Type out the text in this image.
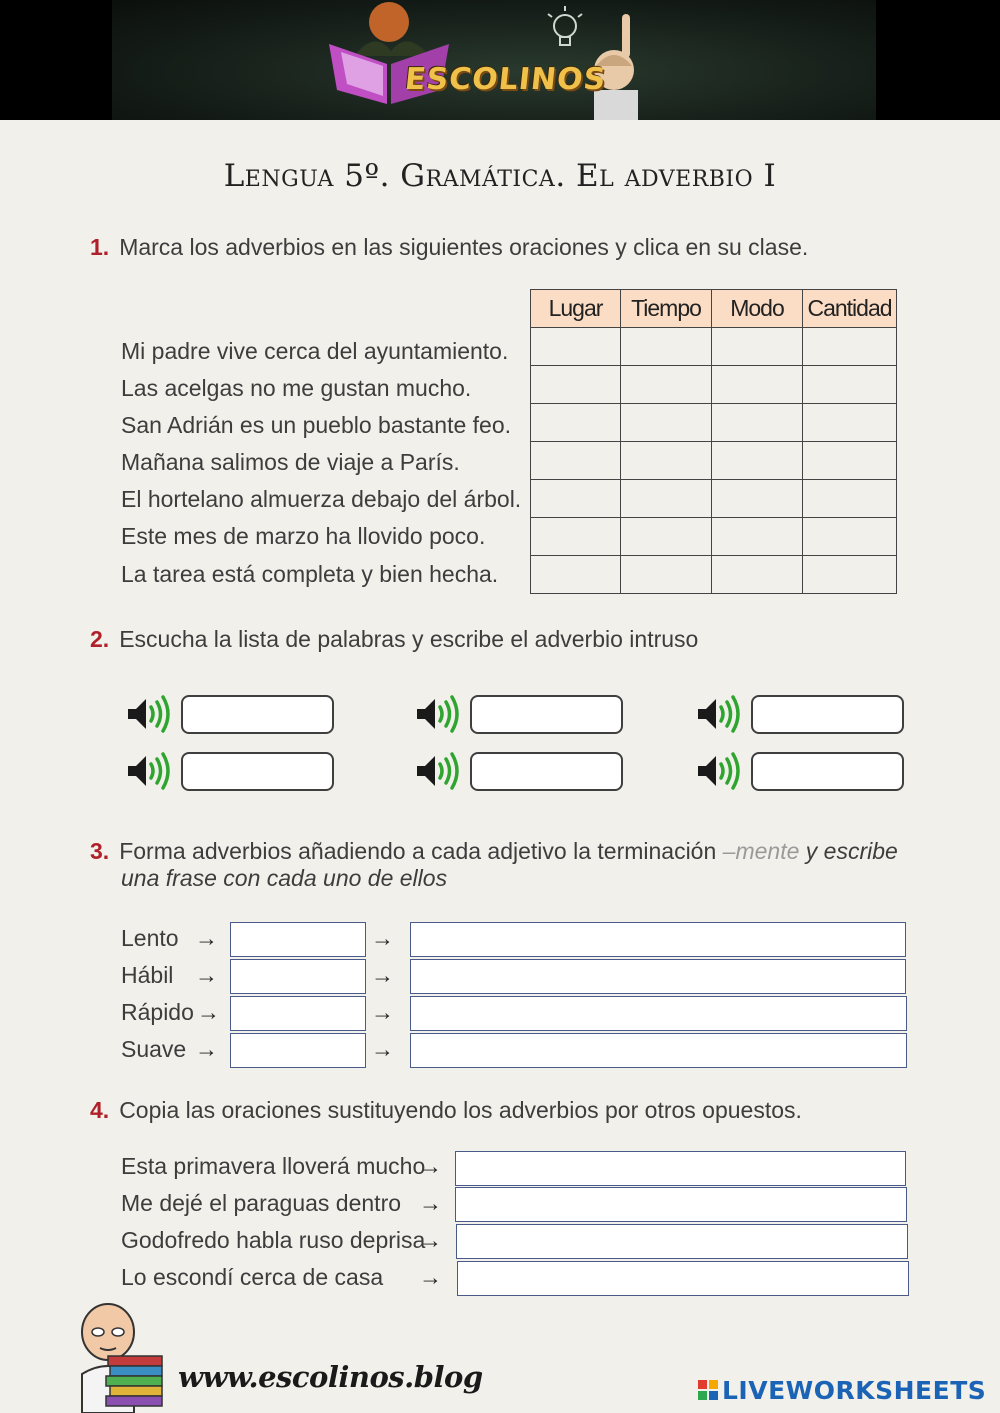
ESCOLINOS
Lengua 5º. Gramática. El adverbio I
1. Marca los adverbios en las siguientes oraciones y clica en su clase.
Mi padre vive cerca del ayuntamiento.
Las acelgas no me gustan mucho.
San Adrián es un pueblo bastante feo.
Mañana salimos de viaje a París.
El hortelano almuerza debajo del árbol.
Este mes de marzo ha llovido poco.
La tarea está completa y bien hecha.
Lugar	Tiempo	Modo	Cantidad

2. Escucha la lista de palabras y escribe el adverbio intruso
3. Forma adverbios añadiendo a cada adjetivo la terminación –mente y escribe
una frase con cada uno de ellos
Lento →	→
Hábil →	→
Rápido →	→
Suave →	→
4. Copia las oraciones sustituyendo los adverbios por otros opuestos.
Esta primavera lloverá mucho
→
Me dejé el paraguas dentro →
Godofredo habla ruso deprisa
→
Lo escondí cerca de casa →
www.escolinos.blog	LIVEWORKSHEETS
